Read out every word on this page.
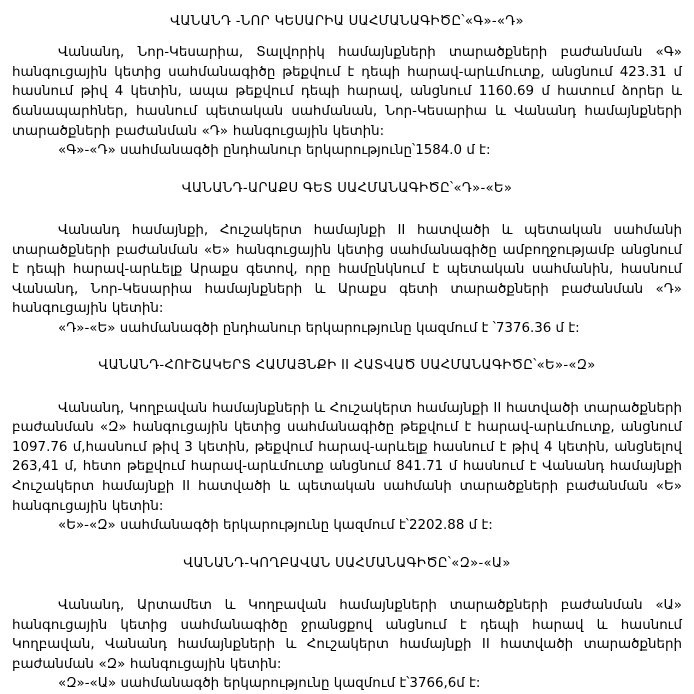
ՎԱՆԱՆԴ -ՆՈՐ ԿԵՍԱՐԻԱ ՍԱՀՄԱՆԱԳԻԾԸ՝«Գ»-«Դ»

Վանանդ, Նոր-Կեսարիա, Տալվորիկ համայնքների տարածքների բաժանման «Գ» հանգուցային կետից սահմանագիծը թեքվում է դեպի հարավ-արևմուտք, անցնում 423.31 մ հասնում թիվ 4 կետին, ապա թեքվում դեպի հարավ, անցնում 1160.69 մ հատում ձորեր և ճանապարհներ, հասնում պետական սահմանան, Նոր-Կեսարիա և Վանանդ համայնքների տարածքների բաժանման «Դ» հանգուցային կետին:

«Գ»-«Դ» սահմանագծի ընդհանուր երկարությունը՝1584.0 մ է:

ՎԱՆԱՆԴ-ԱՐԱՔՍ ԳԵՏ ՍԱՀՄԱՆԱԳԻԾԸ՝«Դ»-«Ե»

Վանանդ համայնքի, Հուշակերտ համայնքի II հատվածի և պետական սահմանի տարածքների բաժանման «Ե» հանգուցային կետից սահմանագիծը ամբողջությամբ անցնում է դեպի հարավ-արևելք Արաքս գետով, որը համընկնում է պետական սահմանին, հասնում Վանանդ, Նոր-Կեսարիա համայնքների և Արաքս գետի տարածքների բաժանման «Դ» հանգուցային կետին:

«Դ»-«Ե» սահմանագծի ընդհանուր երկարությունը կազմում է ՝7376.36 մ է:

ՎԱՆԱՆԴ-ՀՈՒՇԱԿԵՐՏ ՀԱՄԱՅՆՔԻ II ՀԱՏՎԱԾ ՍԱՀՄԱՆԱԳԻԾԸ՝«Ե»-«Զ»

Վանանդ, Կողբավան համայնքների և Հուշակերտ համայնքի II հատվածի տարածքների բաժանման «Զ» հանգուցային կետից սահմանագիծը թեքվում է հարավ-արևմուտք, անցնում 1097.76 մ,հասնում թիվ 3 կետին, թեքվում հարավ-արևելք հասնում է թիվ 4 կետին, անցնելով 263,41 մ, հետո թեքվում հարավ-արևմուտք անցնում 841.71 մ հասնում է Վանանդ համայնքի Հուշակերտ համայնքի II հատվածի և պետական սահմանի տարածքների բաժանման «Ե» հանգուցային կետին:

«Ե»-«Զ» սահմանագծի երկարությունը կազմում է՝2202.88 մ է:

ՎԱՆԱՆԴ-ԿՈՂԲԱՎԱՆ ՍԱՀՄԱՆԱԳԻԾԸ՝«Զ»-«Ա»

Վանանդ, Արտամետ և Կողբավան համայնքների տարածքների բաժանման «Ա» հանգուցային կետից սահմանագիծը ջրանցքով անցնում է դեպի հարավ և հասնում Կողբավան, Վանանդ համայնքների և Հուշակերտ համայնքի II հատվածի տարածքների բաժանման «Զ» հանգուցային կետին:

«Զ»-«Ա» սահմանագծի երկարությունը կազմում է՝3766,6մ է:
